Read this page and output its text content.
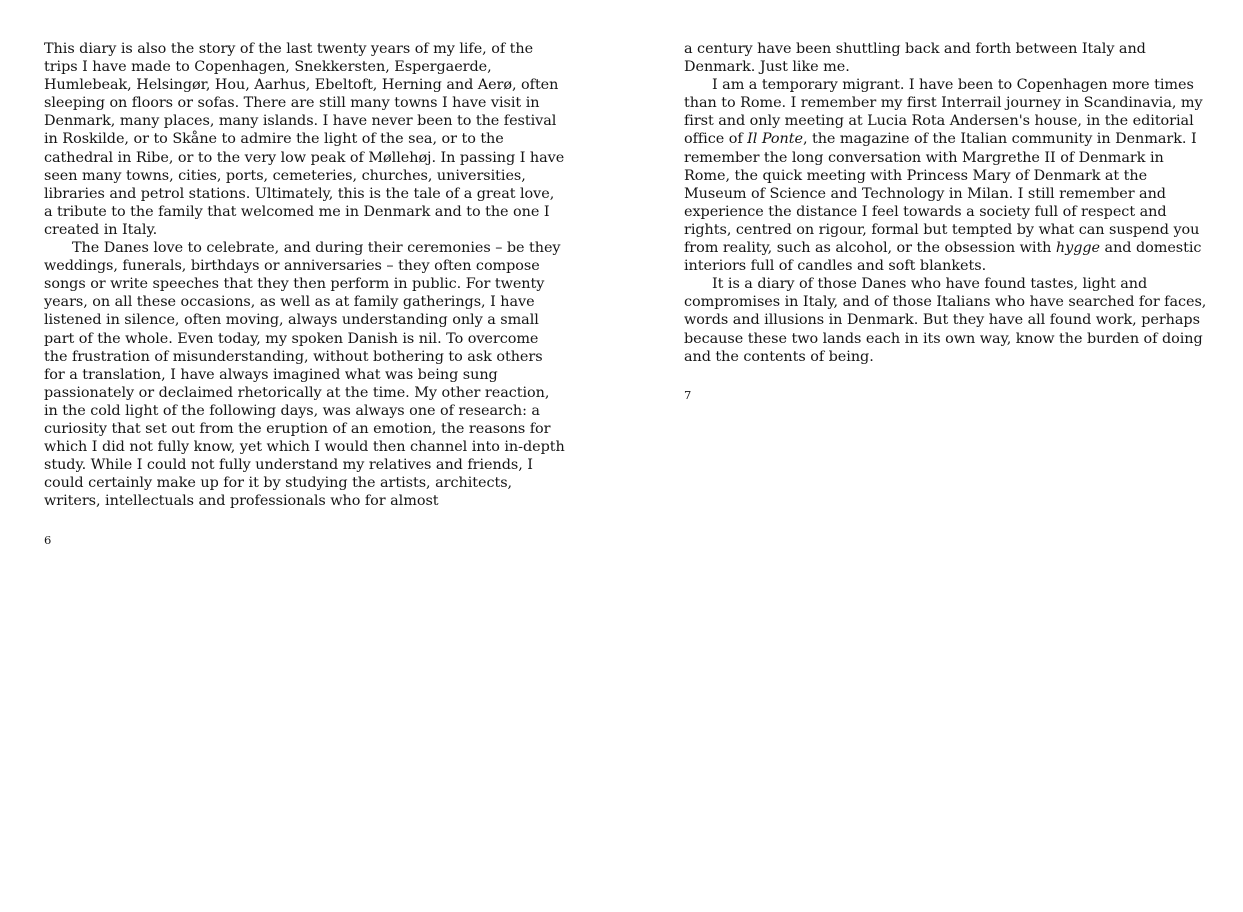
This diary is also the story of the last twenty years of my life, of the trips I have made to Copenhagen, Snekkersten, Espergaerde, Humlebeak, Helsingør, Hou, Aarhus, Ebeltoft, Herning and Aerø, often sleeping on floors or sofas. There are still many towns I have visit in Denmark, many places, many islands. I have never been to the festival in Roskilde, or to Skåne to admire the light of the sea, or to the cathedral in Ribe, or to the very low peak of Møllehøj. In passing I have seen many towns, cities, ports, cemeteries, churches, universities, libraries and petrol stations. Ultimately, this is the tale of a great love, a tribute to the family that welcomed me in Denmark and to the one I created in Italy.

The Danes love to celebrate, and during their ceremonies – be they weddings, funerals, birthdays or anniversaries – they often compose songs or write speeches that they then perform in public. For twenty years, on all these occasions, as well as at family gatherings, I have listened in silence, often moving, always understanding only a small part of the whole. Even today, my spoken Danish is nil. To overcome the frustration of misunderstanding, without bothering to ask others for a translation, I have always imagined what was being sung passionately or declaimed rhetorically at the time. My other reaction, in the cold light of the following days, was always one of research: a curiosity that set out from the eruption of an emotion, the reasons for which I did not fully know, yet which I would then channel into in-depth study. While I could not fully understand my relatives and friends, I could certainly make up for it by studying the artists, architects, writers, intellectuals and professionals who for almost

6

a century have been shuttling back and forth between Italy and Denmark. Just like me.

I am a temporary migrant. I have been to Copenhagen more times than to Rome. I remember my first Interrail journey in Scandinavia, my first and only meeting at Lucia Rota Andersen's house, in the editorial office of Il Ponte, the magazine of the Italian community in Denmark. I remember the long conversation with Margrethe II of Denmark in Rome, the quick meeting with Princess Mary of Denmark at the Museum of Science and Technology in Milan. I still remember and experience the distance I feel towards a society full of respect and rights, centred on rigour, formal but tempted by what can suspend you from reality, such as alcohol, or the obsession with hygge and domestic interiors full of candles and soft blankets.

It is a diary of those Danes who have found tastes, light and compromises in Italy, and of those Italians who have searched for faces, words and illusions in Denmark. But they have all found work, perhaps because these two lands each in its own way, know the burden of doing and the contents of being.

7
